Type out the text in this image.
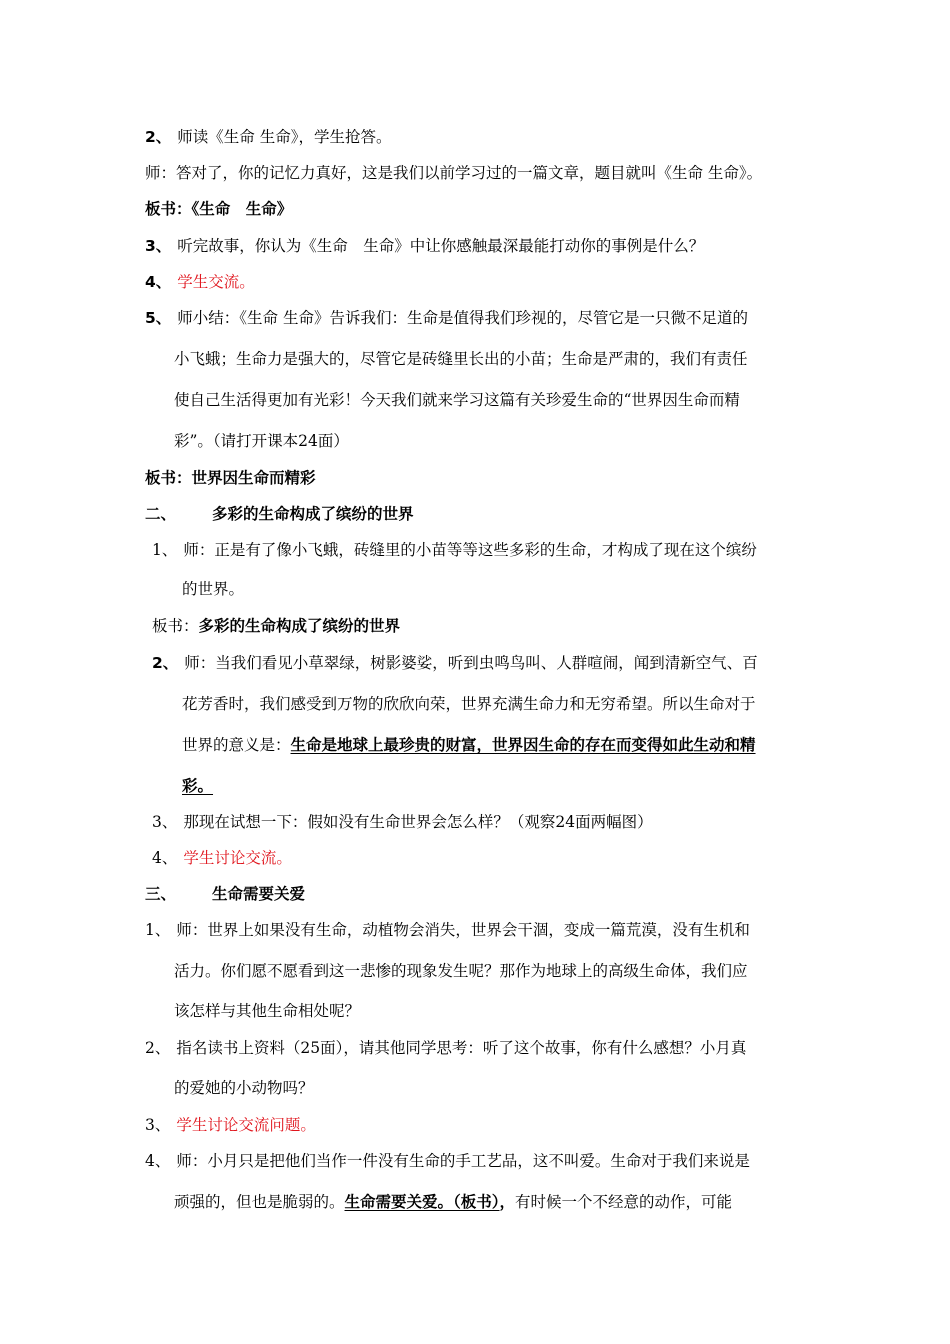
2、 师读《生命 生命》，学生抢答。
师：答对了，你的记忆力真好，这是我们以前学习过的一篇文章，题目就叫《生命 生命》。
板书：《生命　生命》
3、 听完故事，你认为《生命　生命》中让你感触最深最能打动你的事例是什么？
4、 学生交流。
5、 师小结：《生命 生命》告诉我们：生命是值得我们珍视的，尽管它是一只微不足道的
小飞蛾；生命力是强大的，尽管它是砖缝里长出的小苗；生命是严肃的，我们有责任
使自己生活得更加有光彩！今天我们就来学习这篇有关珍爱生命的“世界因生命而精
彩”。（请打开课本24面）
板书：世界因生命而精彩
二、 多彩的生命构成了缤纷的世界
1、 师：正是有了像小飞蛾，砖缝里的小苗等等这些多彩的生命，才构成了现在这个缤纷
的世界。
板书：多彩的生命构成了缤纷的世界
2、 师：当我们看见小草翠绿，树影婆娑，听到虫鸣鸟叫、人群喧闹，闻到清新空气、百
花芳香时，我们感受到万物的欣欣向荣，世界充满生命力和无穷希望。所以生命对于
世界的意义是：生命是地球上最珍贵的财富，世界因生命的存在而变得如此生动和精
彩。
3、 那现在试想一下：假如没有生命世界会怎么样？（观察24面两幅图）
4、 学生讨论交流。
三、 生命需要关爱
1、 师：世界上如果没有生命，动植物会消失，世界会干涸，变成一篇荒漠，没有生机和
活力。你们愿不愿看到这一悲惨的现象发生呢？那作为地球上的高级生命体，我们应
该怎样与其他生命相处呢？
2、 指名读书上资料（25面），请其他同学思考：听了这个故事，你有什么感想？小月真
的爱她的小动物吗？
3、 学生讨论交流问题。
4、 师：小月只是把他们当作一件没有生命的手工艺品，这不叫爱。生命对于我们来说是
顽强的，但也是脆弱的。生命需要关爱。（板书），有时候一个不经意的动作，可能
